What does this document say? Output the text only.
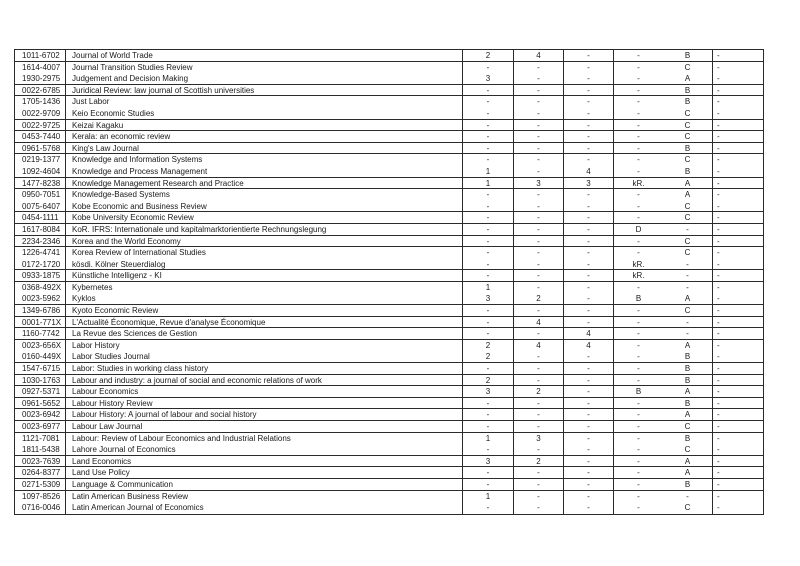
1011-6702	Journal of World Trade	2	4	-	-	B	-
1614-4007	Journal Transition Studies Review	-	-	-	-	C	-
1930-2975	Judgement and Decision Making	3	-	-	-	A	-
0022-6785	Juridical Review: law journal of Scottish universities	-	-	-	-	B	-
1705-1436	Just Labor	-	-	-	-	B	-
0022-9709	Keio Economic Studies	-	-	-	-	C	-
0022-9725	Keizai Kagaku	-	-	-	-	C	-
0453-7440	Kerala: an economic review	-	-	-	-	C	-
0961-5768	King's Law Journal	-	-	-	-	B	-
0219-1377	Knowledge and Information Systems	-	-	-	-	C	-
1092-4604	Knowledge and Process Management	1	-	4	-	B	-
1477-8238	Knowledge Management Research and Practice	1	3	3	kR.	A	-
0950-7051	Knowledge-Based Systems	-	-	-	-	A	-
0075-6407	Kobe Economic and Business Review	-	-	-	-	C	-
0454-1111	Kobe University Economic Review	-	-	-	-	C	-
1617-8084	KoR. IFRS: Internationale und kapitalmarktorientierte Rechnungslegung	-	-	-	D	-	-
2234-2346	Korea and the World Economy	-	-	-	-	C	-
1226-4741	Korea Review of International Studies	-	-	-	-	C	-
0172-1720	kösdi. Kölner Steuerdialog	-	-	-	kR.	-	-
0933-1875	Künstliche Intelligenz - KI	-	-	-	kR.	-	-
0368-492X	Kybernetes	1	-	-	-	-	-
0023-5962	Kyklos	3	2	-	B	A	-
1349-6786	Kyoto Economic Review	-	-	-	-	C	-
0001-771X	L'Actualité Économique, Revue d'analyse Économique	-	4	-	-	-	-
1160-7742	La Revue des Sciences de Gestion	-	-	4	-	-	-
0023-656X	Labor History	2	4	4	-	A	-
0160-449X	Labor Studies Journal	2	-	-	-	B	-
1547-6715	Labor: Studies in working class history	-	-	-	-	B	-
1030-1763	Labour and industry: a journal of social and economic relations of work	2	-	-	-	B	-
0927-5371	Labour Economics	3	2	-	B	A	-
0961-5652	Labour History Review	-	-	-	-	B	-
0023-6942	Labour History: A journal of labour and social history	-	-	-	-	A	-
0023-6977	Labour Law Journal	-	-	-	-	C	-
1121-7081	Labour: Review of Labour Economics and Industrial Relations	1	3	-	-	B	-
1811-5438	Lahore Journal of Economics	-	-	-	-	C	-
0023-7639	Land Economics	3	2	-	-	A	-
0264-8377	Land Use Policy	-	-	-	-	A	-
0271-5309	Language & Communication	-	-	-	-	B	-
1097-8526	Latin American Business Review	1	-	-	-	-	-
0716-0046	Latin American Journal of Economics	-	-	-	-	C	-
